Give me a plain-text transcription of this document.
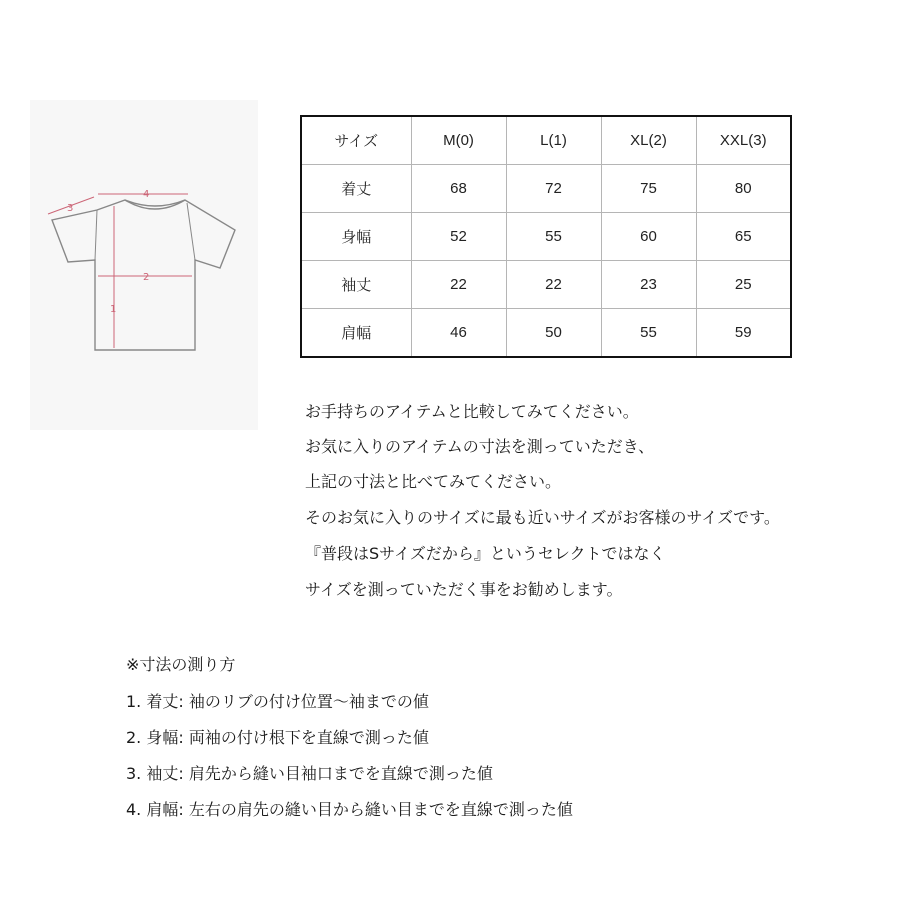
4
3
2
1
サイズ	M(0)	L(1)	XL(2)	XXL(3)
着丈	68	72	75	80
身幅	52	55	60	65
袖丈	22	22	23	25
肩幅	46	50	55	59
お手持ちのアイテムと比較してみてください。
お気に入りのアイテムの寸法を測っていただき、
上記の寸法と比べてみてください。
そのお気に入りのサイズに最も近いサイズがお客様のサイズです。
『普段はSサイズだから』というセレクトではなく
サイズを測っていただく事をお勧めします。
※寸法の測り方
1. 着丈: 袖のリブの付け位置〜袖までの値
2. 身幅: 両袖の付け根下を直線で測った値
3. 袖丈: 肩先から縫い目袖口までを直線で測った値
4. 肩幅: 左右の肩先の縫い目から縫い目までを直線で測った値
